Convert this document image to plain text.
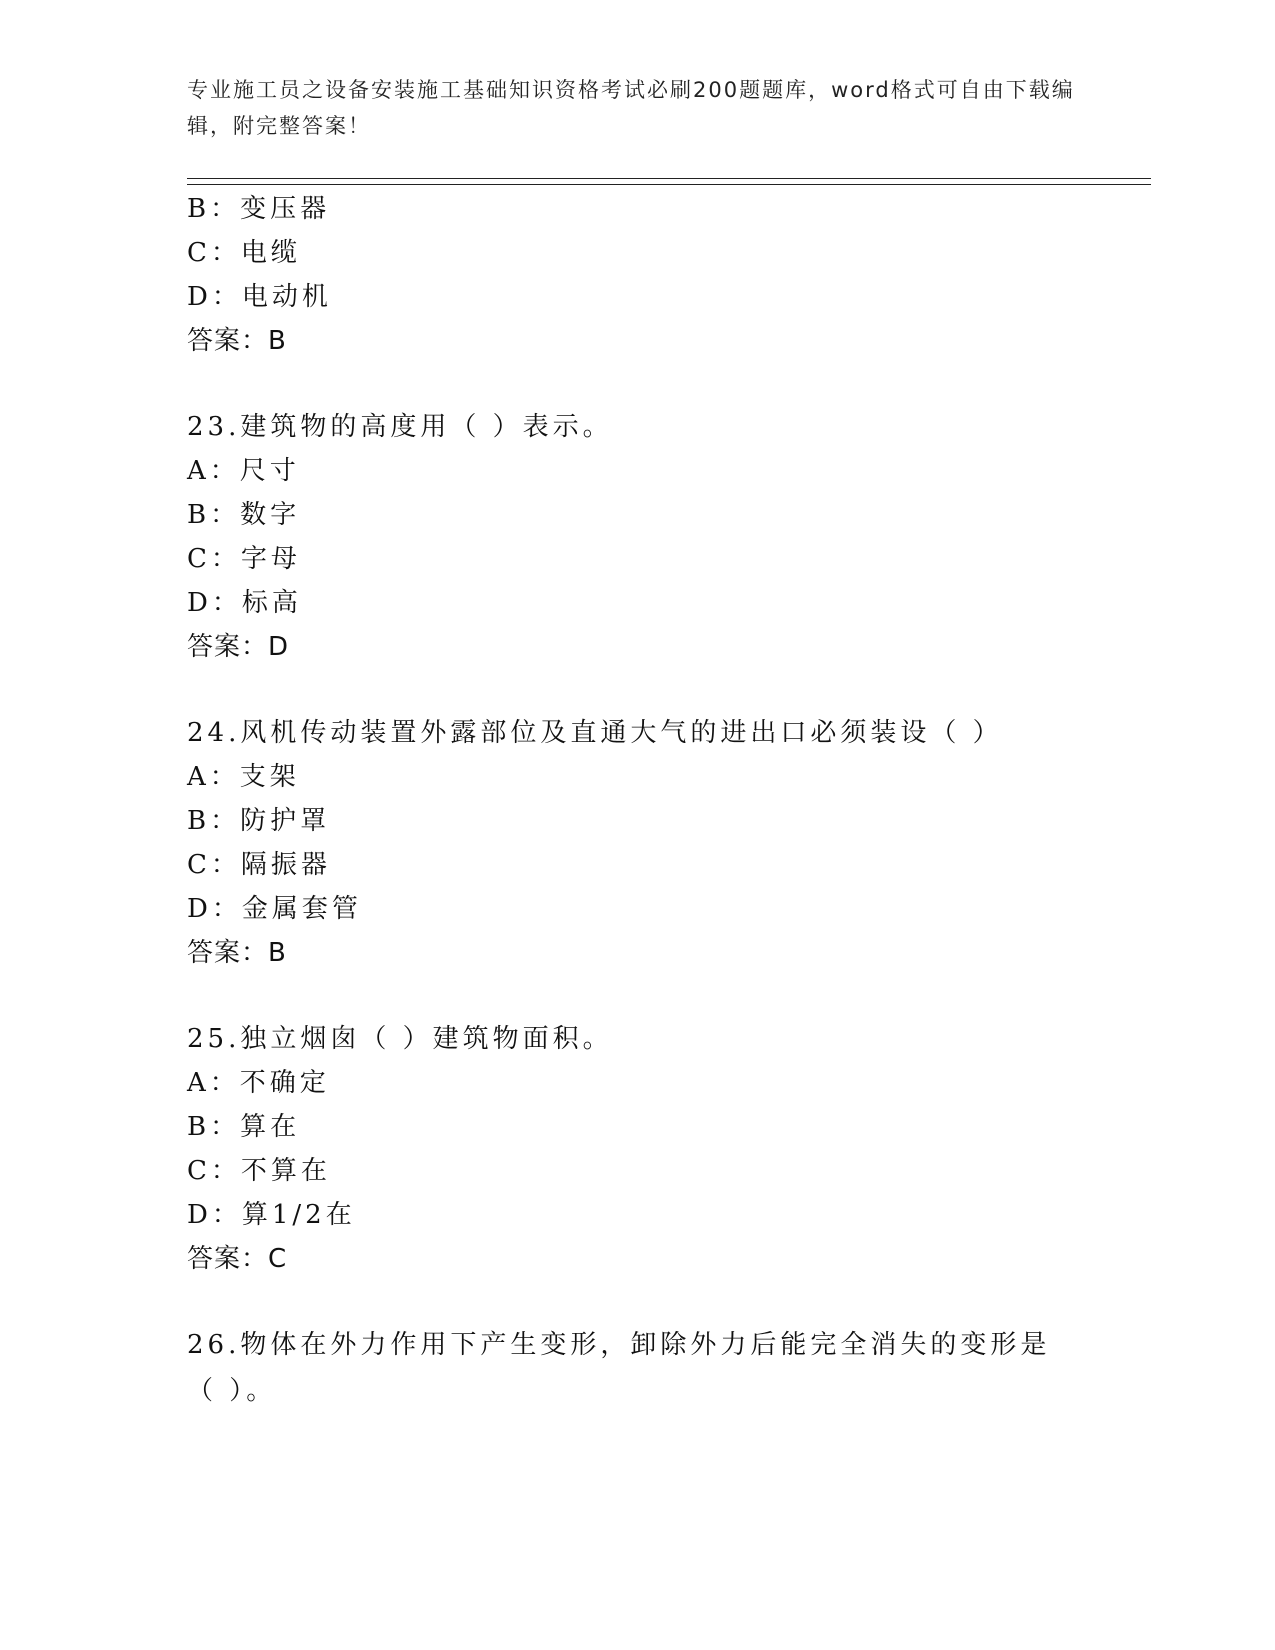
专业施工员之设备安装施工基础知识资格考试必刷200题题库，word格式可自由下载编辑，附完整答案！
B：变压器
C：电缆
D：电动机
答案：B
23.建筑物的高度用（ ）表示。
A：尺寸
B：数字
C：字母
D：标高
答案：D
24.风机传动装置外露部位及直通大气的进出口必须装设（ ）
A：支架
B：防护罩
C：隔振器
D：金属套管
答案：B
25.独立烟囱（ ）建筑物面积。
A：不确定
B：算在
C：不算在
D：算1/2在
答案：C
26.物体在外力作用下产生变形，卸除外力后能完全消失的变形是（ ）。
